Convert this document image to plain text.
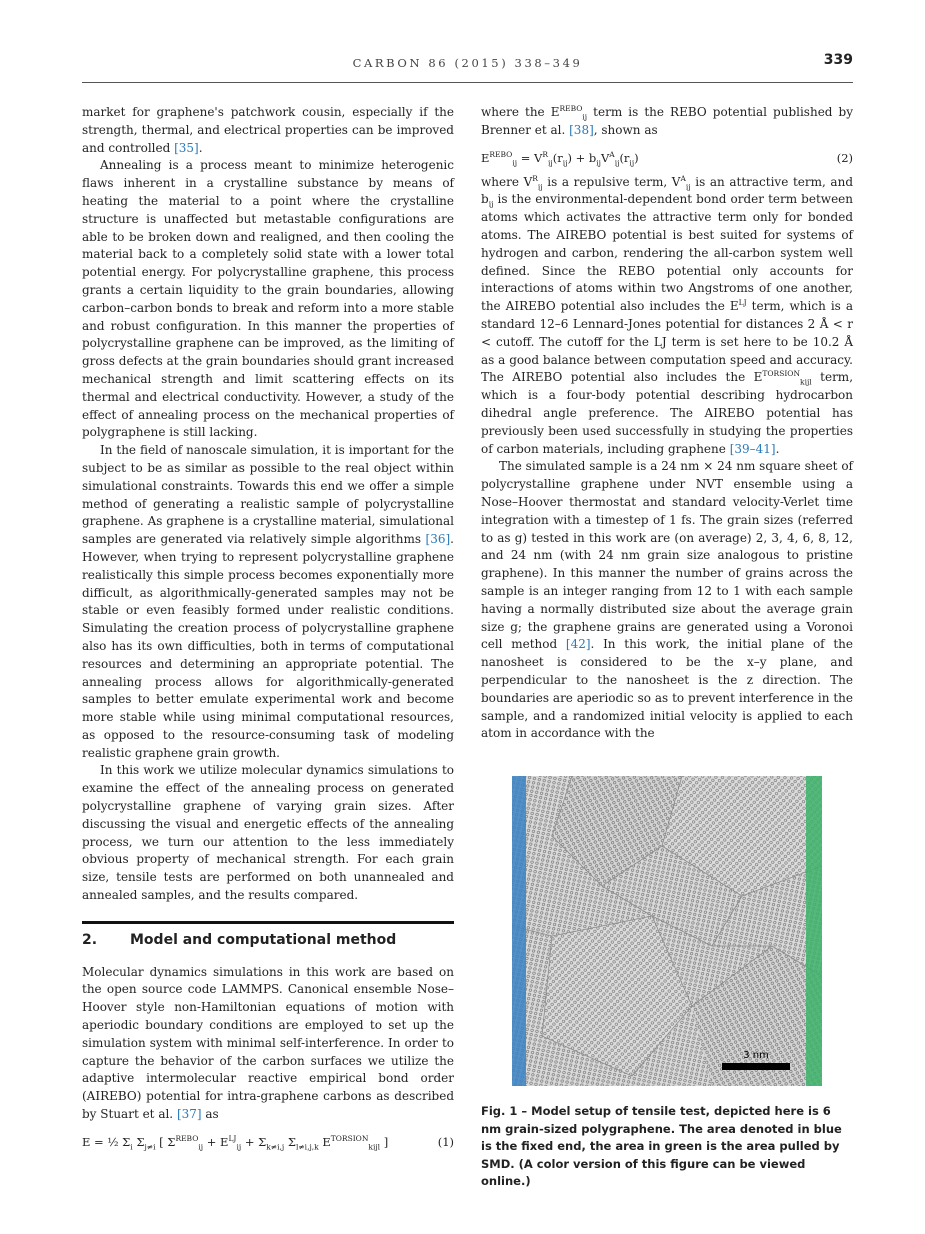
CARBON 86 (2015) 338–349	339

market for graphene's patchwork cousin, especially if the strength, thermal, and electrical properties can be improved and controlled [35].

Annealing is a process meant to minimize heterogenic flaws inherent in a crystalline substance by means of heating the material to a point where the crystalline structure is unaffected but metastable configurations are able to be broken down and realigned, and then cooling the material back to a completely solid state with a lower total potential energy. For polycrystalline graphene, this process grants a certain liquidity to the grain boundaries, allowing carbon–carbon bonds to break and reform into a more stable and robust configuration. In this manner the properties of polycrystalline graphene can be improved, as the limiting of gross defects at the grain boundaries should grant increased mechanical strength and limit scattering effects on its thermal and electrical conductivity. However, a study of the effect of annealing process on the mechanical properties of polygraphene is still lacking.

In the field of nanoscale simulation, it is important for the subject to be as similar as possible to the real object within simulational constraints. Towards this end we offer a simple method of generating a realistic sample of polycrystalline graphene. As graphene is a crystalline material, simulational samples are generated via relatively simple algorithms [36]. However, when trying to represent polycrystalline graphene realistically this simple process becomes exponentially more difficult, as algorithmically-generated samples may not be stable or even feasibly formed under realistic conditions. Simulating the creation process of polycrystalline graphene also has its own difficulties, both in terms of computational resources and determining an appropriate potential. The annealing process allows for algorithmically-generated samples to better emulate experimental work and become more stable while using minimal computational resources, as opposed to the resource-consuming task of modeling realistic graphene grain growth.

In this work we utilize molecular dynamics simulations to examine the effect of the annealing process on generated polycrystalline graphene of varying grain sizes. After discussing the visual and energetic effects of the annealing process, we turn our attention to the less immediately obvious property of mechanical strength. For each grain size, tensile tests are performed on both unannealed and annealed samples, and the results compared.

2. Model and computational method

Molecular dynamics simulations in this work are based on the open source code LAMMPS. Canonical ensemble Nose–Hoover style non-Hamiltonian equations of motion with aperiodic boundary conditions are employed to set up the simulation system with minimal self-interference. In order to capture the behavior of the carbon surfaces we utilize the adaptive intermolecular reactive empirical bond order (AIREBO) potential for intra-graphene carbons as described by Stuart et al. [37] as

E = ½ $\Sigma_i$ $\Sigma_{j\ne i}$ [ $\Sigma^{REBO}_{ij} + E^{LJ}_{ij} + \Sigma_{k\ne i,j}$ $\Sigma_{l\ne i,j,k}$ $E^{TORSION}_{kijl}$ ]	(1)

where the $E^{REBO}_{ij}$ term is the REBO potential published by Brenner et al. [38], shown as

$E^{REBO}_{ij} = V^R_{ij}(r_{ij}) + b_{ij}V^A_{ij}(r_{ij})$	(2)

where $V^R_{ij}$ is a repulsive term, $V^A_{ij}$ is an attractive term, and $b_{ij}$ is the environmental-dependent bond order term between atoms which activates the attractive term only for bonded atoms. The AIREBO potential is best suited for systems of hydrogen and carbon, rendering the all-carbon system well defined. Since the REBO potential only accounts for interactions of atoms within two Angstroms of one another, the AIREBO potential also includes the $E^{LJ}$ term, which is a standard 12–6 Lennard-Jones potential for distances 2 Å < r < cutoff. The cutoff for the LJ term is set here to be 10.2 Å as a good balance between computation speed and accuracy. The AIREBO potential also includes the $E^{TORSION}_{kijl}$ term, which is a four-body potential describing hydrocarbon dihedral angle preference. The AIREBO potential has previously been used successfully in studying the properties of carbon materials, including graphene [39–41].

The simulated sample is a 24 nm × 24 nm square sheet of polycrystalline graphene under NVT ensemble using a Nose–Hoover thermostat and standard velocity-Verlet time integration with a timestep of 1 fs. The grain sizes (referred to as g) tested in this work are (on average) 2, 3, 4, 6, 8, 12, and 24 nm (with 24 nm grain size analogous to pristine graphene). In this manner the number of grains across the sample is an integer ranging from 12 to 1 with each sample having a normally distributed size about the average grain size g; the graphene grains are generated using a Voronoi cell method [42]. In this work, the initial plane of the nanosheet is considered to be the x–y plane, and perpendicular to the nanosheet is the z direction. The boundaries are aperiodic so as to prevent interference in the sample, and a randomized initial velocity is applied to each atom in accordance with the

3 nm
Fig. 1 – Model setup of tensile test, depicted here is 6 nm grain-sized polygraphene. The area denoted in blue is the fixed end, the area in green is the area pulled by SMD. (A color version of this figure can be viewed online.)
